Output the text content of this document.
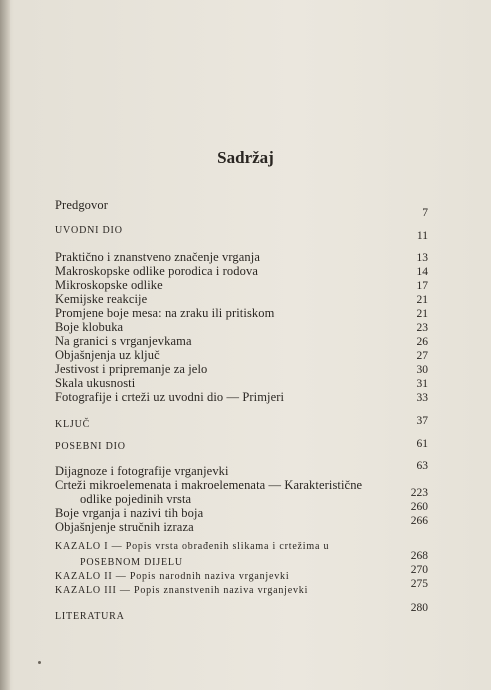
Sadržaj
Predgovor
UVODNI DIO
Praktično i znanstveno značenje vrganja
Makroskopske odlike porodica i rodova
Mikroskopske odlike
Kemijske reakcije
Promjene boje mesa: na zraku ili pritiskom
Boje klobuka
Na granici s vrganjevkama
Objašnjenja uz ključ
Jestivost i pripremanje za jelo
Skala ukusnosti
Fotografije i crteži uz uvodni dio — Primjeri
KLJUČ
POSEBNI DIO
Dijagnoze i fotografije vrganjevki
Crteži mikroelemenata i makroelemenata — Karakteristične
odlike pojedinih vrsta
Boje vrganja i nazivi tih boja
Objašnjenje stručnih izraza
KAZALO I — Popis vrsta obrađenih slikama i crtežima u
POSEBNOM DIJELU
KAZALO II — Popis narodnih naziva vrganjevki
KAZALO III — Popis znanstvenih naziva vrganjevki
LITERATURA
7
11
13
14
17
21
21
23
26
27
30
31
33
37
61
63
223
260
266
268
270
275
280
